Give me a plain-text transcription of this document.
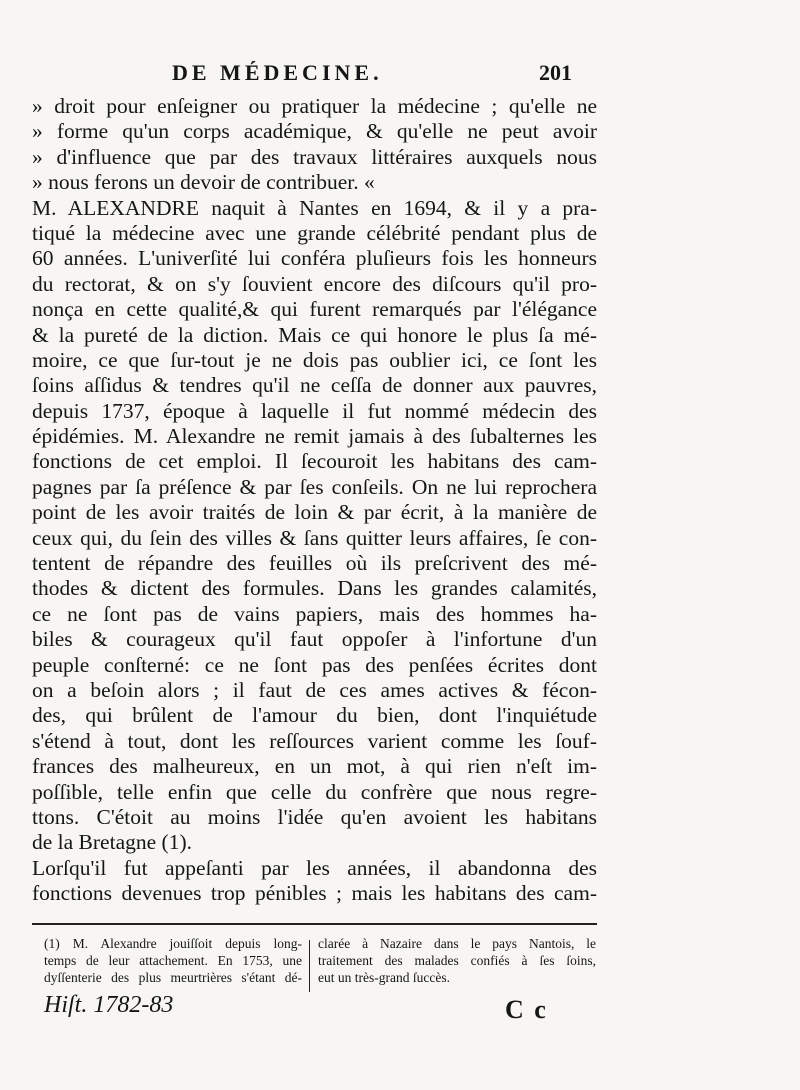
DE MÉDECINE.	201
» droit pour enſeigner ou pratiquer la médecine ; qu'elle ne
» forme qu'un corps académique, & qu'elle ne peut avoir
» d'influence que par des travaux littéraires auxquels nous
» nous ferons un devoir de contribuer. «
M. ALEXANDRE naquit à Nantes en 1694, & il y a pra-
tiqué la médecine avec une grande célébrité pendant plus de
60 années. L'univerſité lui conféra pluſieurs fois les honneurs
du rectorat, & on s'y ſouvient encore des diſcours qu'il pro-
nonça en cette qualité,& qui furent remarqués par l'élégance
& la pureté de la diction. Mais ce qui honore le plus ſa mé-
moire, ce que ſur-tout je ne dois pas oublier ici, ce ſont les
ſoins aſſidus & tendres qu'il ne ceſſa de donner aux pauvres,
depuis 1737, époque à laquelle il fut nommé médecin des
épidémies. M. Alexandre ne remit jamais à des ſubalternes les
fonctions de cet emploi. Il ſecouroit les habitans des cam-
pagnes par ſa préſence & par ſes conſeils. On ne lui reprochera
point de les avoir traités de loin & par écrit, à la manière de
ceux qui, du ſein des villes & ſans quitter leurs affaires, ſe con-
tentent de répandre des feuilles où ils preſcrivent des mé-
thodes & dictent des formules. Dans les grandes calamités,
ce ne ſont pas de vains papiers, mais des hommes ha-
biles & courageux qu'il faut oppoſer à l'infortune d'un
peuple conſterné: ce ne ſont pas des penſées écrites dont
on a beſoin alors ; il faut de ces ames actives & fécon-
des, qui brûlent de l'amour du bien, dont l'inquiétude
s'étend à tout, dont les reſſources varient comme les ſouf-
frances des malheureux, en un mot, à qui rien n'eſt im-
poſſible, telle enfin que celle du confrère que nous regre-
ttons. C'étoit au moins l'idée qu'en avoient les habitans
de la Bretagne (1).
Lorſqu'il fut appeſanti par les années, il abandonna des
fonctions devenues trop pénibles ; mais les habitans des cam-
(1) M. Alexandre jouiſſoit depuis long-
temps de leur attachement. En 1753, une
dyſſenterie des plus meurtrières s'étant dé-
clarée à Nazaire dans le pays Nantois, le
traitement des malades confiés à ſes ſoins,
eut un très-grand ſuccès.
Hiſt. 1782-83	C c
